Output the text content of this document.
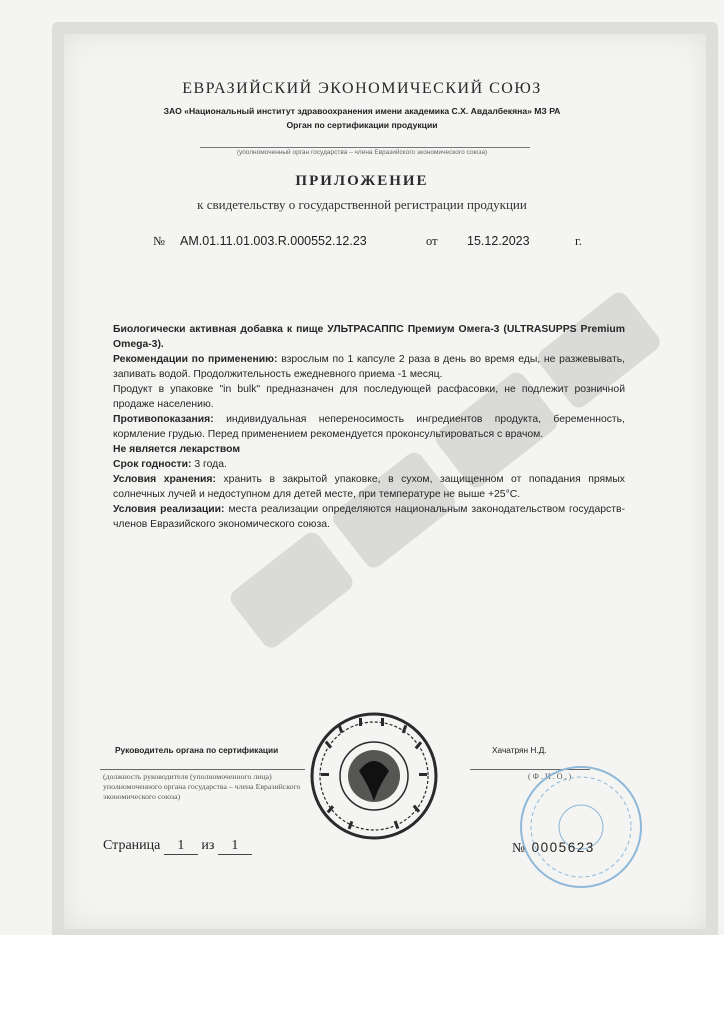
ЕВРАЗИЙСКИЙ ЭКОНОМИЧЕСКИЙ СОЮЗ
ЗАО «Национальный институт здравоохранения имени академика С.Х. Авдалбекяна» МЗ РА
Орган по сертификации продукции
(уполномоченный орган государства – члена Евразийского экономического союза)
ПРИЛОЖЕНИЕ
к свидетельству о государственной регистрации продукции
№ AM.01.11.01.003.R.000552.12.23	от 15.12.2023	г.

Биологически активная добавка к пище УЛЬТРАСАППС Премиум Омега-3 (ULTRASUPPS Premium Omega-3).

Рекомендации по применению: взрослым по 1 капсуле 2 раза в день во время еды, не разжевывать, запивать водой. Продолжительность ежедневного приема -1 месяц.

Продукт в упаковке "in bulk" предназначен для последующей расфасовки, не подлежит розничной продаже населению.

Противопоказания: индивидуальная непереносимость ингредиентов продукта, беременность, кормление грудью. Перед применением рекомендуется проконсультироваться с врачом.

Не является лекарством

Срок годности: 3 года.

Условия хранения: хранить в закрытой упаковке, в сухом, защищенном от попадания прямых солнечных лучей и недоступном для детей месте, при температуре не выше +25°С.

Условия реализации: места реализации определяются национальным законодательством государств-членов Евразийского экономического союза.

Руководитель органа по сертификации	Хачатрян Н.Д.
(должность руководителя (уполномоченного лица) уполномоченного органа государства – члена Евразийского экономического союза)
(Ф.И.О.)
Страница 1 из 1	№ 0005623
